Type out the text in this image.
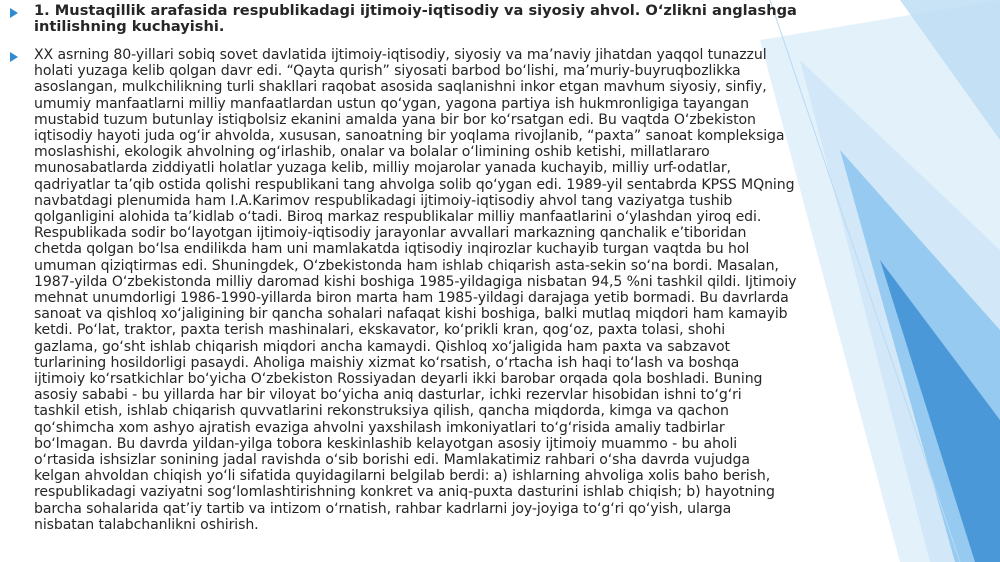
1. Mustaqillik arafasida respublikadagi ijtimoiy-iqtisodiy va siyosiy ahvol. O‘zlikni anglashga intilishning kuchayishi.

XX asrning 80-yillari sobiq sovet davlatida ijtimoiy-iqtisodiy, siyosiy va ma’naviy jihatdan yaqqol tunazzul
holati yuzaga kelib qolgan davr edi. “Qayta qurish” siyosati barbod bo‘lishi, ma’muriy-buyruqbozlikka
asoslangan, mulkchilikning turli shakllari raqobat asosida saqlanishni inkor etgan mavhum siyosiy, sinfiy,
umumiy manfaatlarni milliy manfaatlardan ustun qo‘ygan, yagona partiya ish hukmronligiga tayangan
mustabid tuzum butunlay istiqbolsiz ekanini amalda yana bir bor ko‘rsatgan edi. Bu vaqtda O‘zbekiston
iqtisodiy hayoti juda og‘ir ahvolda, xususan, sanoatning bir yoqlama rivojlanib, “paxta” sanoat kompleksiga
moslashishi, ekologik ahvolning og‘irlashib, onalar va bolalar o‘limining oshib ketishi, millatlararo
munosabatlarda ziddiyatli holatlar yuzaga kelib, milliy mojarolar yanada kuchayib, milliy urf-odatlar,
qadriyatlar ta’qib ostida qolishi respublikani tang ahvolga solib qo‘ygan edi. 1989-yil sentabrda KPSS MQning
navbatdagi plenumida ham I.A.Karimov respublikadagi ijtimoiy-iqtisodiy ahvol tang vaziyatga tushib
qolganligini alohida ta’kidlab o‘tadi. Biroq markaz respublikalar milliy manfaatlarini o‘ylashdan yiroq edi.
Respublikada sodir bo‘layotgan ijtimoiy-iqtisodiy jarayonlar avvallari markazning qanchalik e’tiboridan
chetda qolgan bo‘lsa endilikda ham uni mamlakatda iqtisodiy inqirozlar kuchayib turgan vaqtda bu hol
umuman qiziqtirmas edi. Shuningdek, O‘zbekistonda ham ishlab chiqarish asta-sekin so‘na bordi. Masalan,
1987-yilda O‘zbekistonda milliy daromad kishi boshiga 1985-yildagiga nisbatan 94,5 %ni tashkil qildi. Ijtimoiy
mehnat unumdorligi 1986-1990-yillarda biron marta ham 1985-yildagi darajaga yetib bormadi. Bu davrlarda
sanoat va qishloq xo‘jaligining bir qancha sohalari nafaqat kishi boshiga, balki mutlaq miqdori ham kamayib
ketdi. Po‘lat, traktor, paxta terish mashinalari, ekskavator, ko‘prikli kran, qog‘oz, paxta tolasi, shohi
gazlama, go‘sht ishlab chiqarish miqdori ancha kamaydi. Qishloq xo‘jaligida ham paxta va sabzavot
turlarining hosildorligi pasaydi. Aholiga maishiy xizmat ko‘rsatish, o‘rtacha ish haqi to‘lash va boshqa
ijtimoiy ko‘rsatkichlar bo‘yicha O‘zbekiston Rossiyadan deyarli ikki barobar orqada qola boshladi. Buning
asosiy sababi - bu yillarda har bir viloyat bo‘yicha aniq dasturlar, ichki rezervlar hisobidan ishni to‘g‘ri
tashkil etish, ishlab chiqarish quvvatlarini rekonstruksiya qilish, qancha miqdorda, kimga va qachon
qo‘shimcha xom ashyo ajratish evaziga ahvolni yaxshilash imkoniyatlari to‘g‘risida amaliy tadbirlar
bo‘lmagan. Bu davrda yildan-yilga tobora keskinlashib kelayotgan asosiy ijtimoiy muammo - bu aholi
o‘rtasida ishsizlar sonining jadal ravishda o‘sib borishi edi. Mamlakatimiz rahbari o‘sha davrda vujudga
kelgan ahvoldan chiqish yo‘li sifatida quyidagilarni belgilab berdi: a) ishlarning ahvoliga xolis baho berish,
respublikadagi vaziyatni sog‘lomlashtirishning konkret va aniq-puxta dasturini ishlab chiqish; b) hayotning
barcha sohalarida qat’iy tartib va intizom o‘rnatish, rahbar kadrlarni joy-joyiga to‘g‘ri qo‘yish, ularga
nisbatan talabchanlikni oshirish.
